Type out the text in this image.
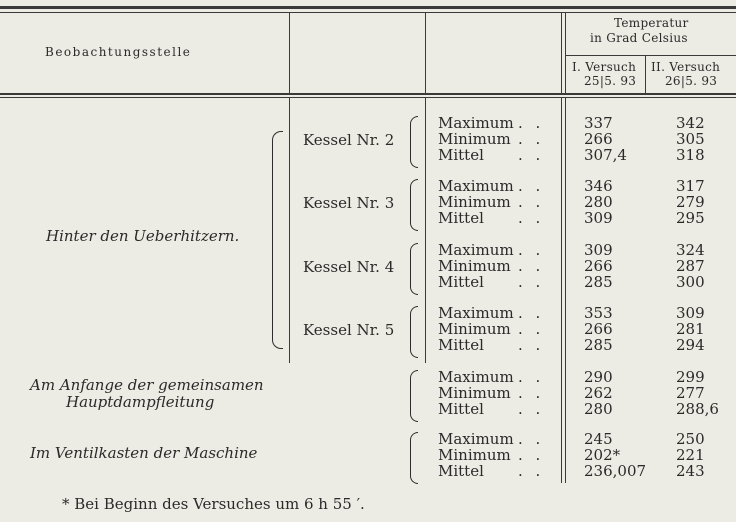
Beobachtungsstelle
Temperatur
in Grad Celsius
I. Versuch
25|5. 93
II. Versuch
26|5. 93
Hinter den Ueberhitzern.
Kessel Nr. 2
Maximum . .	337	342
Minimum . .	266	305
Mittel . .	307,4	318
Kessel Nr. 3
Maximum . .	346	317
Minimum . .	280	279
Mittel . .	309	295
Kessel Nr. 4
Maximum . .	309	324
Minimum . .	266	287
Mittel . .	285	300
Kessel Nr. 5
Maximum . .	353	309
Minimum . .	266	281
Mittel . .	285	294
Am Anfange der gemeinsamen
Hauptdampfleitung
Maximum . .	290	299
Minimum . .	262	277
Mittel . .	280	288,6
Im Ventilkasten der Maschine
Maximum . .	245	250
Minimum . .	202*	221
Mittel . .	236,007 243
* Bei Beginn des Versuches um 6 h 55 ′.
